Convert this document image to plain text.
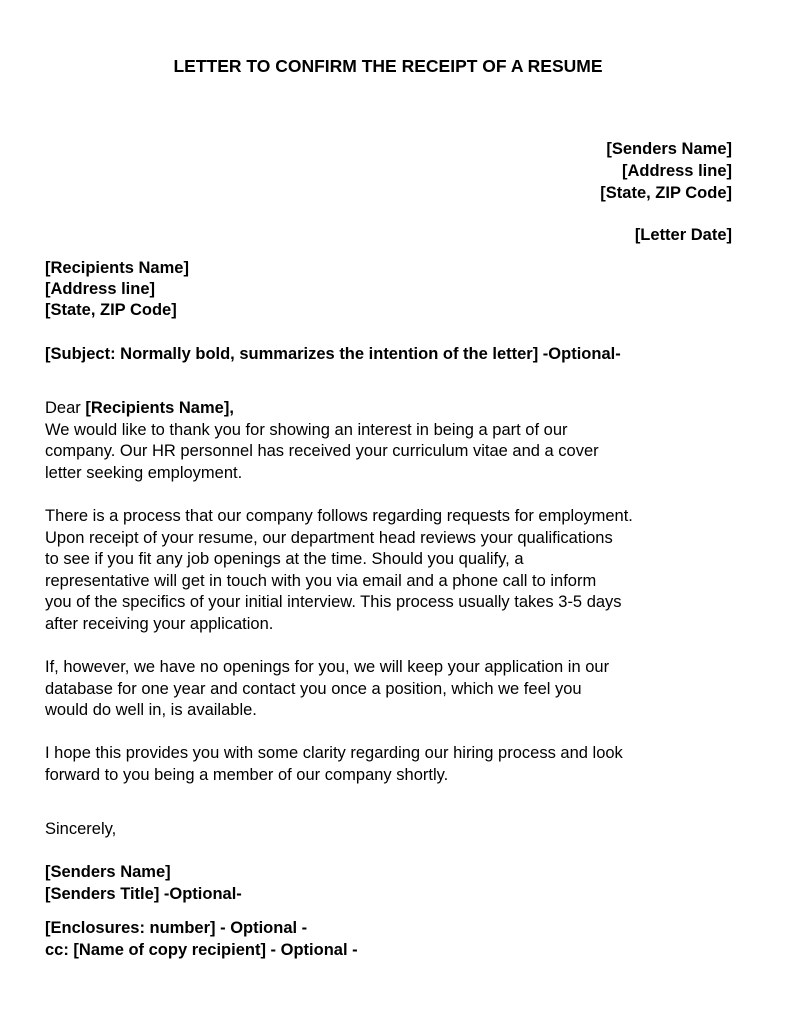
LETTER TO CONFIRM THE RECEIPT OF A RESUME
[Senders Name]
[Address line]
[State, ZIP Code]
[Letter Date]
[Recipients Name]
[Address line]
[State, ZIP Code]
[Subject: Normally bold, summarizes the intention of the letter] -Optional-
Dear [Recipients Name],
We would like to thank you for showing an interest in being a part of our
company. Our HR personnel has received your curriculum vitae and a cover
letter seeking employment.
There is a process that our company follows regarding requests for employment.
Upon receipt of your resume, our department head reviews your qualifications
to see if you fit any job openings at the time. Should you qualify, a
representative will get in touch with you via email and a phone call to inform
you of the specifics of your initial interview. This process usually takes 3-5 days
after receiving your application.
If, however, we have no openings for you, we will keep your application in our
database for one year and contact you once a position, which we feel you
would do well in, is available.
I hope this provides you with some clarity regarding our hiring process and look
forward to you being a member of our company shortly.
Sincerely,
[Senders Name]
[Senders Title] -Optional-
[Enclosures: number] - Optional -
cc: [Name of copy recipient] - Optional -
